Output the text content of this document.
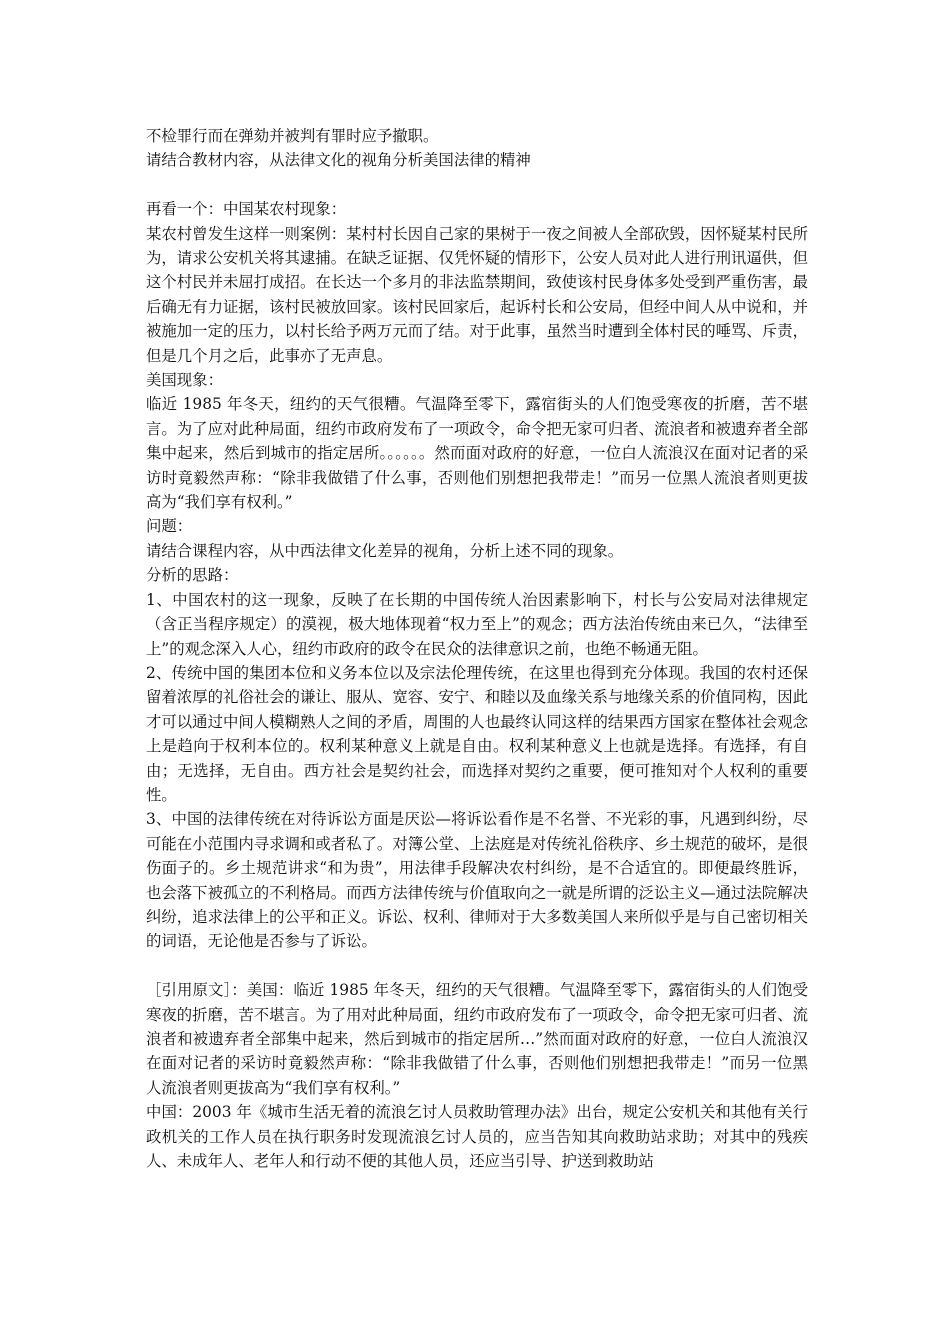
不检罪行而在弹劾并被判有罪时应予撤职。

请结合教材内容，从法律文化的视角分析美国法律的精神

再看一个：中国某农村现象：

某农村曾发生这样一则案例：某村村长因自己家的果树于一夜之间被人全部砍毁，因怀疑某村民所为，请求公安机关将其逮捕。在缺乏证据、仅凭怀疑的情形下，公安人员对此人进行刑讯逼供，但这个村民并未屈打成招。在长达一个多月的非法监禁期间，致使该村民身体多处受到严重伤害，最后确无有力证据，该村民被放回家。该村民回家后，起诉村长和公安局，但经中间人从中说和，并被施加一定的压力，以村长给予两万元而了结。对于此事，虽然当时遭到全体村民的唾骂、斥责，但是几个月之后，此事亦了无声息。

美国现象：

临近 1985 年冬天，纽约的天气很糟。气温降至零下，露宿街头的人们饱受寒夜的折磨，苦不堪言。为了应对此种局面，纽约市政府发布了一项政令，命令把无家可归者、流浪者和被遗弃者全部集中起来，然后到城市的指定居所。。。。。。然而面对政府的好意，一位白人流浪汉在面对记者的采访时竟毅然声称：“除非我做错了什么事，否则他们别想把我带走！”而另一位黑人流浪者则更拔高为“我们享有权利。”

问题：

请结合课程内容，从中西法律文化差异的视角，分析上述不同的现象。

分析的思路：

1、中国农村的这一现象，反映了在长期的中国传统人治因素影响下，村长与公安局对法律规定（含正当程序规定）的漠视，极大地体现着“权力至上”的观念；西方法治传统由来已久，“法律至上”的观念深入人心，纽约市政府的政令在民众的法律意识之前，也绝不畅通无阻。

2、传统中国的集团本位和义务本位以及宗法伦理传统，在这里也得到充分体现。我国的农村还保留着浓厚的礼俗社会的谦让、服从、宽容、安宁、和睦以及血缘关系与地缘关系的价值同构，因此才可以通过中间人模糊熟人之间的矛盾，周围的人也最终认同这样的结果西方国家在整体社会观念上是趋向于权利本位的。权利某种意义上就是自由。权利某种意义上也就是选择。有选择，有自由；无选择，无自由。西方社会是契约社会，而选择对契约之重要，便可推知对个人权利的重要性。

3、中国的法律传统在对待诉讼方面是厌讼—将诉讼看作是不名誉、不光彩的事，凡遇到纠纷，尽可能在小范围内寻求调和或者私了。对簿公堂、上法庭是对传统礼俗秩序、乡土规范的破坏，是很伤面子的。乡土规范讲求“和为贵”，用法律手段解决农村纠纷，是不合适宜的。即便最终胜诉，也会落下被孤立的不利格局。而西方法律传统与价值取向之一就是所谓的泛讼主义—通过法院解决纠纷，追求法律上的公平和正义。诉讼、权利、律师对于大多数美国人来所似乎是与自己密切相关的词语，无论他是否参与了诉讼。

［引用原文］：美国：临近 1985 年冬天，纽约的天气很糟。气温降至零下，露宿街头的人们饱受寒夜的折磨，苦不堪言。为了用对此种局面，纽约市政府发布了一项政令，命令把无家可归者、流浪者和被遗弃者全部集中起来，然后到城市的指定居所…”然而面对政府的好意，一位白人流浪汉在面对记者的采访时竟毅然声称：“除非我做错了什么事，否则他们别想把我带走！”而另一位黑人流浪者则更拔高为“我们享有权利。”

中国：2003 年《城市生活无着的流浪乞讨人员救助管理办法》出台，规定公安机关和其他有关行政机关的工作人员在执行职务时发现流浪乞讨人员的，应当告知其向救助站求助；对其中的残疾人、未成年人、老年人和行动不便的其他人员，还应当引导、护送到救助站
